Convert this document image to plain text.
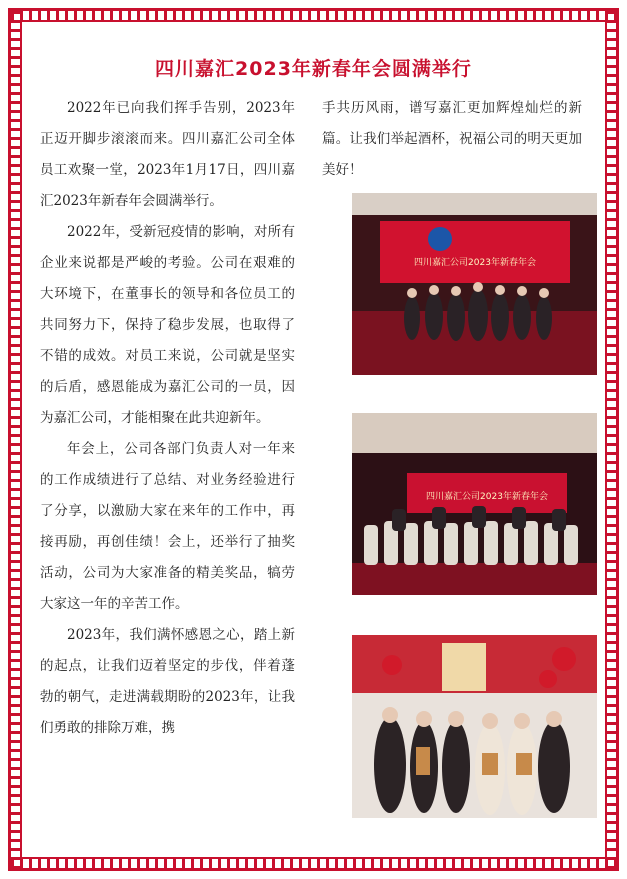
四川嘉汇2023年新春年会圆满举行

2022年已向我们挥手告别，2023年正迈开脚步滚滚而来。四川嘉汇公司全体员工欢聚一堂，2023年1月17日，四川嘉汇2023年新春年会圆满举行。

2022年，受新冠疫情的影响，对所有企业来说都是严峻的考验。公司在艰难的大环境下，在董事长的领导和各位员工的共同努力下，保持了稳步发展，也取得了不错的成效。对员工来说，公司就是坚实的后盾，感恩能成为嘉汇公司的一员，因为嘉汇公司，才能相聚在此共迎新年。

年会上，公司各部门负责人对一年来的工作成绩进行了总结、对业务经验进行了分享，以激励大家在来年的工作中，再接再励，再创佳绩！会上，还举行了抽奖活动，公司为大家准备的精美奖品，犒劳大家这一年的辛苦工作。

2023年，我们满怀感恩之心，踏上新的起点，让我们迈着坚定的步伐，伴着蓬勃的朝气，走进满载期盼的2023年，让我们勇敢的排除万难，携

手共历风雨，谱写嘉汇更加辉煌灿烂的新篇。让我们举起酒杯，祝福公司的明天更加美好！

四川嘉汇公司2023年新春年会
四川嘉汇公司2023年新春年会
